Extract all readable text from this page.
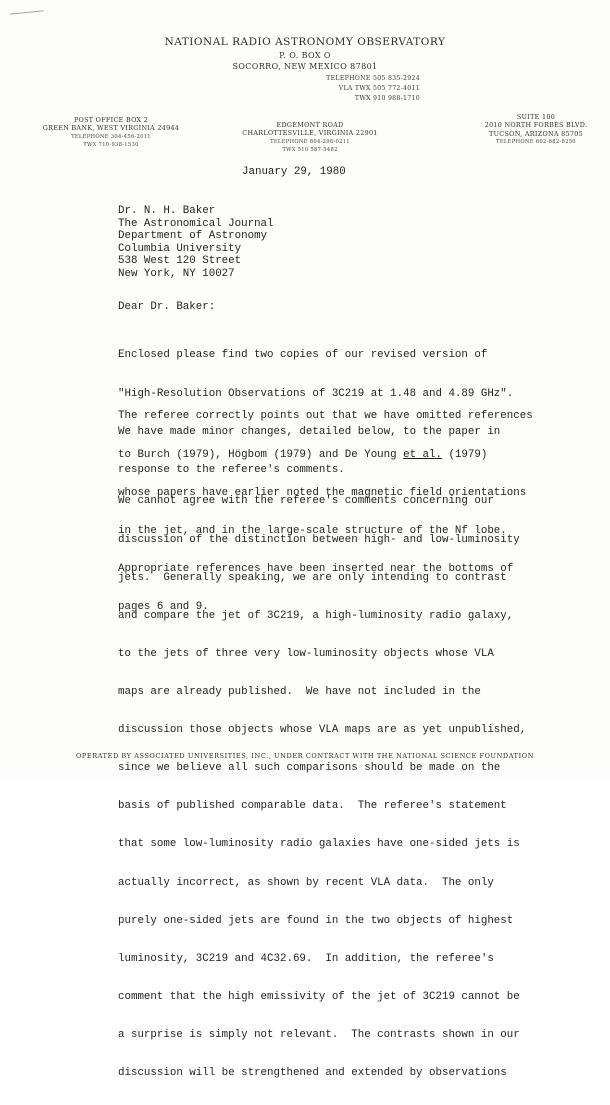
NATIONAL RADIO ASTRONOMY OBSERVATORY
P. O. BOX O
SOCORRO, NEW MEXICO 87801
TELEPHONE 505 835-2924
VLA TWX 505 772-4011
TWX 910 988-1710
POST OFFICE BOX 2
GREEN BANK, WEST VIRGINIA 24944
TELEPHONE 304-456-2011
TWX 710-938-1530
EDGEMONT ROAD
CHARLOTTESVILLE, VIRGINIA 22901
TELEPHONE 804-296-0211
TWX 510 587-5482
SUITE 100
2010 NORTH FORBES BLVD.
TUCSON, ARIZONA 85705
TELEPHONE 602-882-8250
January 29, 1980
Dr. N. H. Baker
The Astronomical Journal
Department of Astronomy
Columbia University
538 West 120 Street
New York, NY 10027
Dear Dr. Baker:

Enclosed please find two copies of our revised version of

"High-Resolution Observations of 3C219 at 1.48 and 4.89 GHz".

We have made minor changes, detailed below, to the paper in

response to the referee's comments.

The referee correctly points out that we have omitted references

to Burch (1979), Högbom (1979) and De Young et al. (1979)

whose papers have earlier noted the magnetic field orientations

in the jet, and in the large-scale structure of the Nf lobe.

Appropriate references have been inserted near the bottoms of

pages 6 and 9.

We cannot agree with the referee's comments concerning our

discussion of the distinction between high- and low-luminosity

jets.  Generally speaking, we are only intending to contrast

and compare the jet of 3C219, a high-luminosity radio galaxy,

to the jets of three very low-luminosity objects whose VLA

maps are already published.  We have not included in the

discussion those objects whose VLA maps are as yet unpublished,

since we believe all such comparisons should be made on the

basis of published comparable data.  The referee's statement

that some low-luminosity radio galaxies have one-sided jets is

actually incorrect, as shown by recent VLA data.  The only

purely one-sided jets are found in the two objects of highest

luminosity, 3C219 and 4C32.69.  In addition, the referee's

comment that the high emissivity of the jet of 3C219 cannot be

a surprise is simply not relevant.  The contrasts shown in our

discussion will be strengthened and extended by observations

OPERATED BY ASSOCIATED UNIVERSITIES, INC., UNDER CONTRACT WITH THE NATIONAL SCIENCE FOUNDATION
